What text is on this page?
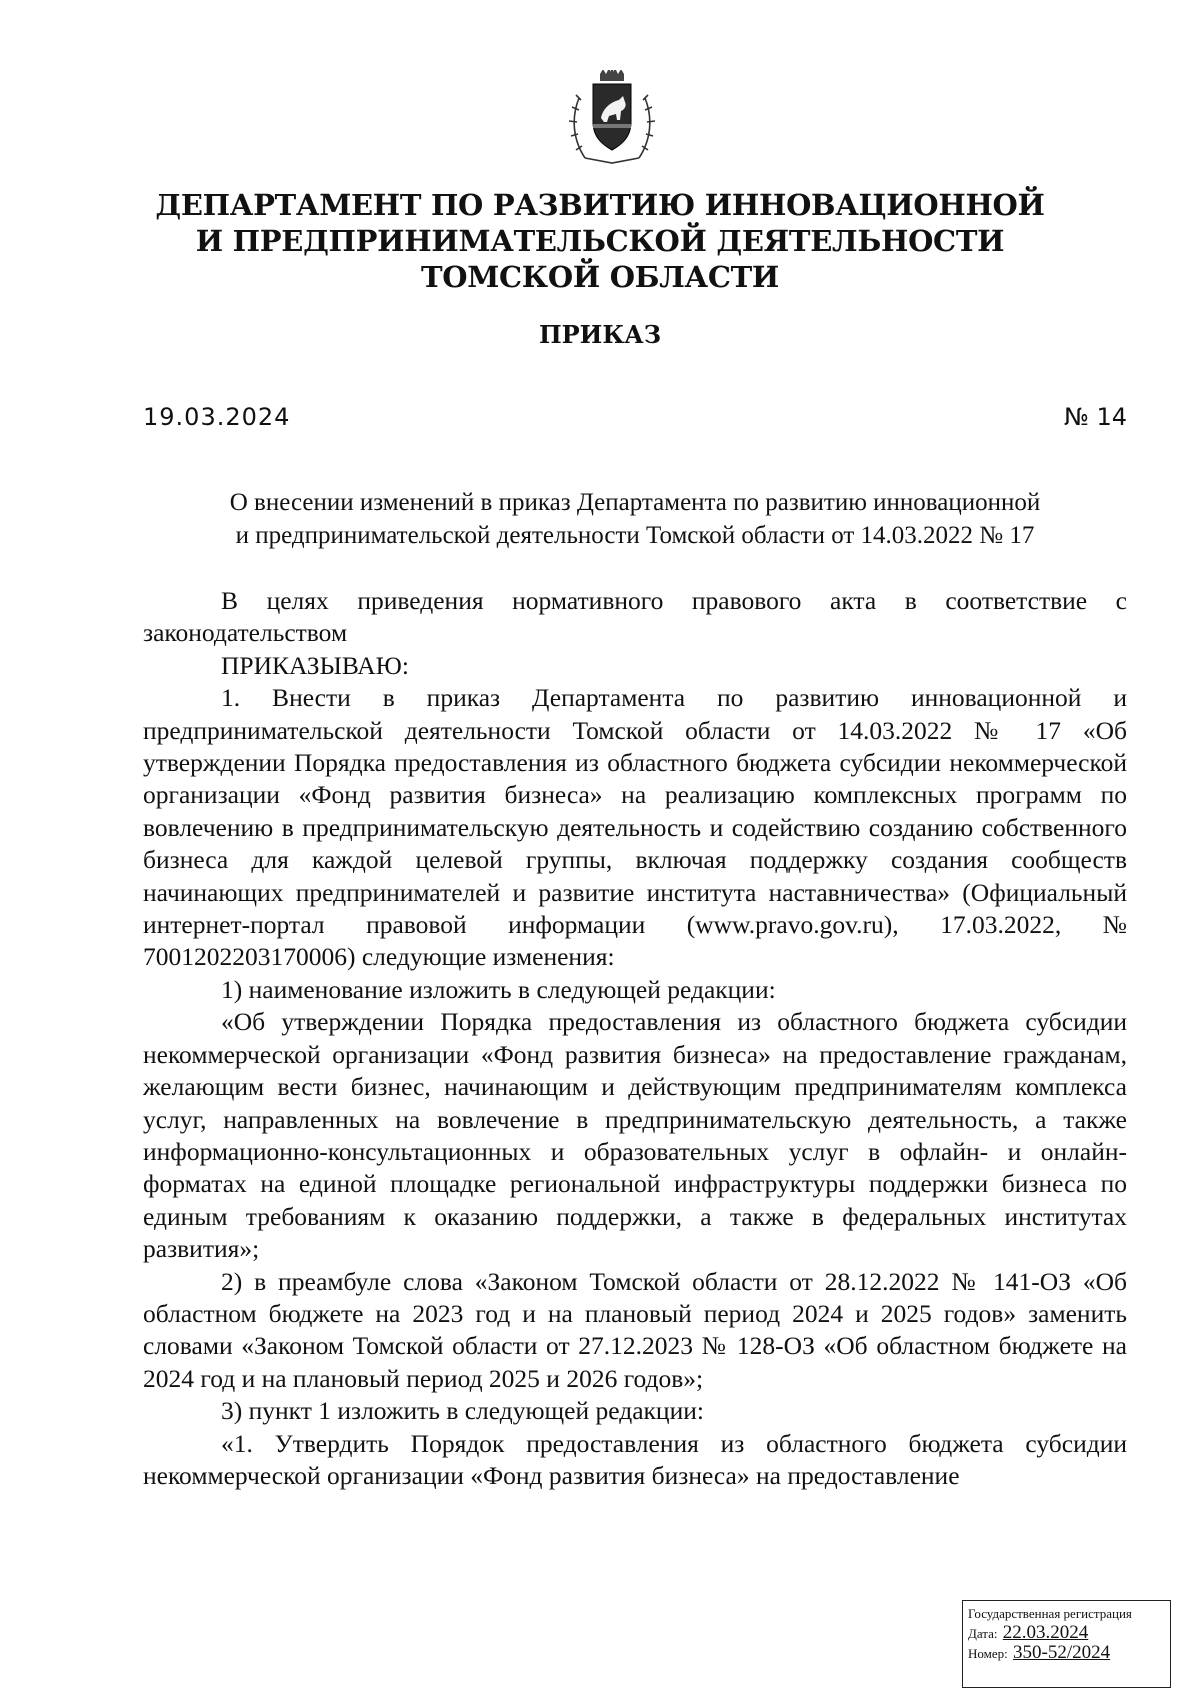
ДЕПАРТАМЕНТ ПО РАЗВИТИЮ ИННОВАЦИОННОЙ
И ПРЕДПРИНИМАТЕЛЬСКОЙ ДЕЯТЕЛЬНОСТИ
ТОМСКОЙ ОБЛАСТИ
ПРИКАЗ
19.03.2024	№ 14
О внесении изменений в приказ Департамента по развитию инновационной
и предпринимательской деятельности Томской области от 14.03.2022 № 17

В целях приведения нормативного правового акта в соответствие с законодательством

ПРИКАЗЫВАЮ:

1. Внести в приказ Департамента по развитию инновационной и предпринимательской деятельности Томской области от 14.03.2022 № 17 «Об утверждении Порядка предоставления из областного бюджета субсидии некоммерческой организации «Фонд развития бизнеса» на реализацию комплексных программ по вовлечению в предпринимательскую деятельность и содействию созданию собственного бизнеса для каждой целевой группы, включая поддержку создания сообществ начинающих предпринимателей и развитие института наставничества» (Официальный интернет-портал правовой информации (www.pravo.gov.ru), 17.03.2022, № 7001202203170006) следующие изменения:

1) наименование изложить в следующей редакции:

«Об утверждении Порядка предоставления из областного бюджета субсидии некоммерческой организации «Фонд развития бизнеса» на предоставление гражданам, желающим вести бизнес, начинающим и действующим предпринимателям комплекса услуг, направленных на вовлечение в предпринимательскую деятельность, а также информационно-консультационных и образовательных услуг в офлайн- и онлайн-форматах на единой площадке региональной инфраструктуры поддержки бизнеса по единым требованиям к оказанию поддержки, а также в федеральных институтах развития»;

2) в преамбуле слова «Законом Томской области от 28.12.2022 № 141-ОЗ «Об областном бюджете на 2023 год и на плановый период 2024 и 2025 годов» заменить словами «Законом Томской области от 27.12.2023 № 128-ОЗ «Об областном бюджете на 2024 год и на плановый период 2025 и 2026 годов»;

3) пункт 1 изложить в следующей редакции:

«1. Утвердить Порядок предоставления из областного бюджета субсидии некоммерческой организации «Фонд развития бизнеса» на предоставление

Государственная регистрация
Дата: 22.03.2024
Номер: 350-52/2024
